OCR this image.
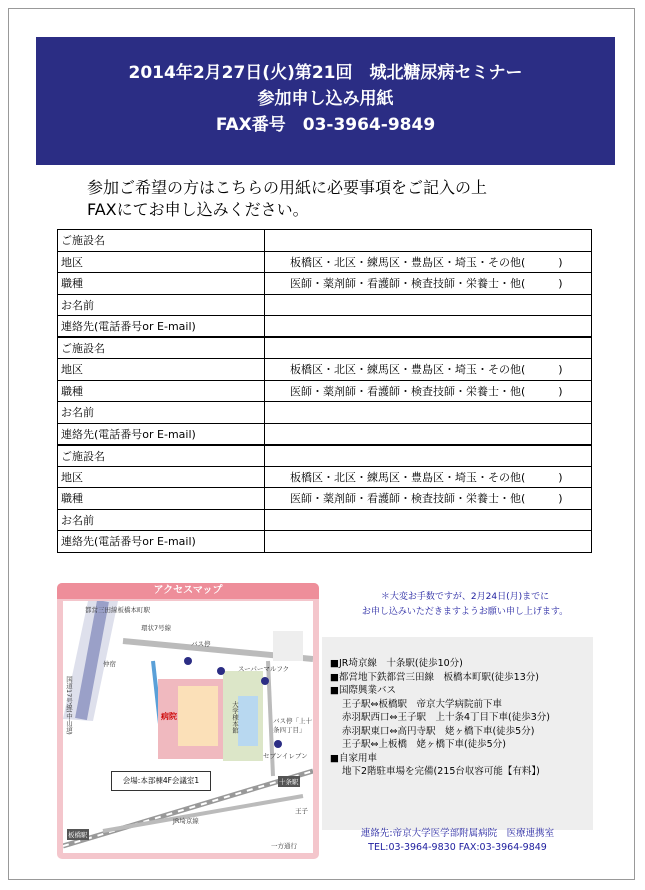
2014年2月27日(火)第21回　城北糖尿病セミナー
参加申し込み用紙
FAX番号　03-3964-9849
参加ご希望の方はこちらの用紙に必要事項をご記入の上
FAXにてお申し込みください。
ご施設名	
地区	板橋区・北区・練馬区・豊島区・埼玉・その他(　　　)
職種	医師・薬剤師・看護師・検査技師・栄養士・他(　　　)
お名前	
連絡先(電話番号or E-mail)	
ご施設名	
地区	板橋区・北区・練馬区・豊島区・埼玉・その他(　　　)
職種	医師・薬剤師・看護師・検査技師・栄養士・他(　　　)
お名前	
連絡先(電話番号or E-mail)	
ご施設名	
地区	板橋区・北区・練馬区・豊島区・埼玉・その他(　　　)
職種	医師・薬剤師・看護師・検査技師・栄養士・他(　　　)
お名前	
連絡先(電話番号or E-mail)	
アクセスマップ
都営三田線板橋本町駅
環状7号線
バス停
仲宿
スーパーマルフク
バス停「上十条四丁目」
セブンイレブン
大学棟本館
病院
十条駅
JR埼京線
板橋駅
王子
一方通行
国道17号線(中山道)
会場:本部棟4F会議室1
＊大変お手数ですが、2月24日(月)までに
お申し込みいただきますようお願い申し上げます。
■JR埼京線　十条駅(徒歩10分)
■都営地下鉄都営三田線　板橋本町駅(徒歩13分)
■国際興業バス
王子駅⇔板橋駅　帝京大学病院前下車
赤羽駅西口⇔王子駅　上十条4丁目下車(徒歩3分)
赤羽駅東口⇔高円寺駅　姥ヶ橋下車(徒歩5分)
王子駅⇔上板橋　姥ヶ橋下車(徒歩5分)
■自家用車
地下2階駐車場を完備(215台収容可能【有料】)
連絡先:帝京大学医学部附属病院　医療連携室
TEL:03-3964-9830 FAX:03-3964-9849
